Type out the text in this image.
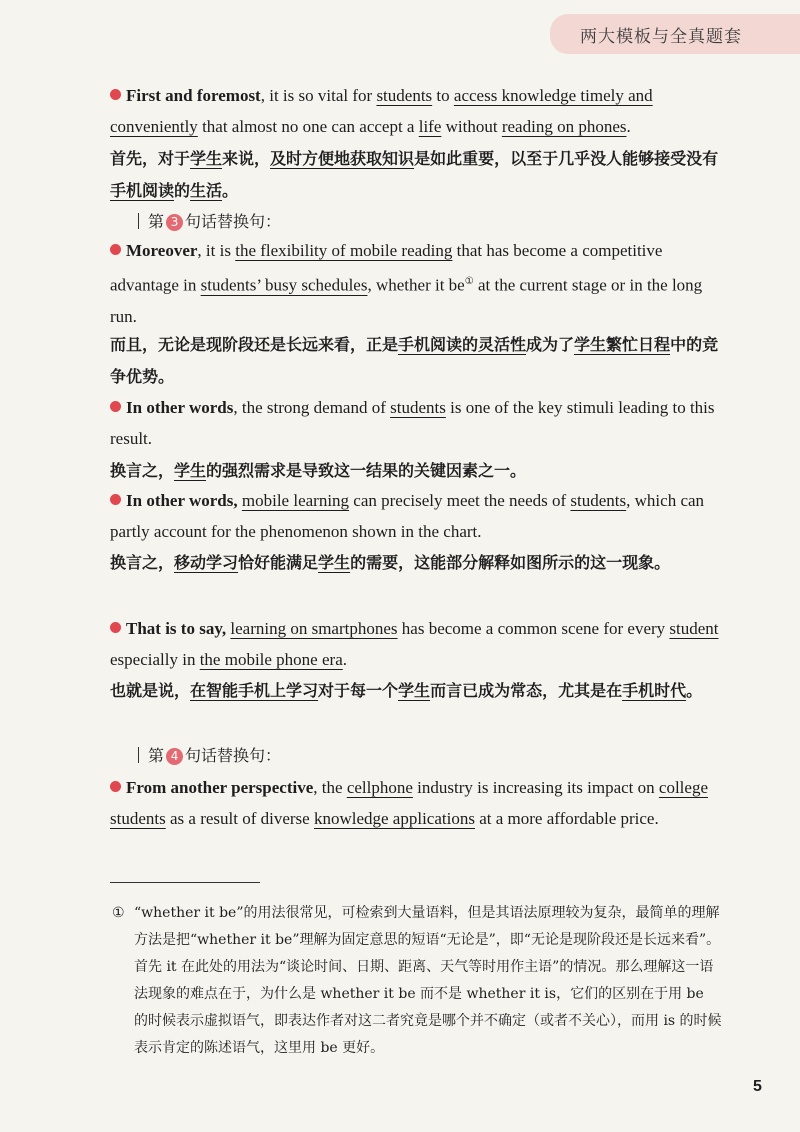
两大模板与全真题套

First and foremost, it is so vital for students to access knowledge timely and conveniently that almost no one can accept a life without reading on phones.

首先，对于学生来说，及时方便地获取知识是如此重要，以至于几乎没人能够接受没有手机阅读的生活。

第 3 句话替换句：

Moreover, it is the flexibility of mobile reading that has become a competitive advantage in students’ busy schedules, whether it be① at the current stage or in the long run.

而且，无论是现阶段还是长远来看，正是手机阅读的灵活性成为了学生繁忙日程中的竞争优势。

In other words, the strong demand of students is one of the key stimuli leading to this result.

换言之，学生的强烈需求是导致这一结果的关键因素之一。

In other words, mobile learning can precisely meet the needs of students, which can partly account for the phenomenon shown in the chart.

换言之，移动学习恰好能满足学生的需要，这能部分解释如图所示的这一现象。

That is to say, learning on smartphones has become a common scene for every student especially in the mobile phone era.

也就是说，在智能手机上学习对于每一个学生而言已成为常态，尤其是在手机时代。

第 4 句话替换句：

From another perspective, the cellphone industry is increasing its impact on college students as a result of diverse knowledge applications at a more affordable price.

① “whether it be”的用法很常见，可检索到大量语料，但是其语法原理较为复杂，最简单的理解方法是把“whether it be”理解为固定意思的短语“无论是”，即“无论是现阶段还是长远来看”。首先 it 在此处的用法为“谈论时间、日期、距离、天气等时用作主语”的情况。那么理解这一语法现象的难点在于，为什么是 whether it be 而不是 whether it is，它们的区别在于用 be 的时候表示虚拟语气，即表达作者对这二者究竟是哪个并不确定（或者不关心），而用 is 的时候表示肯定的陈述语气，这里用 be 更好。

5
